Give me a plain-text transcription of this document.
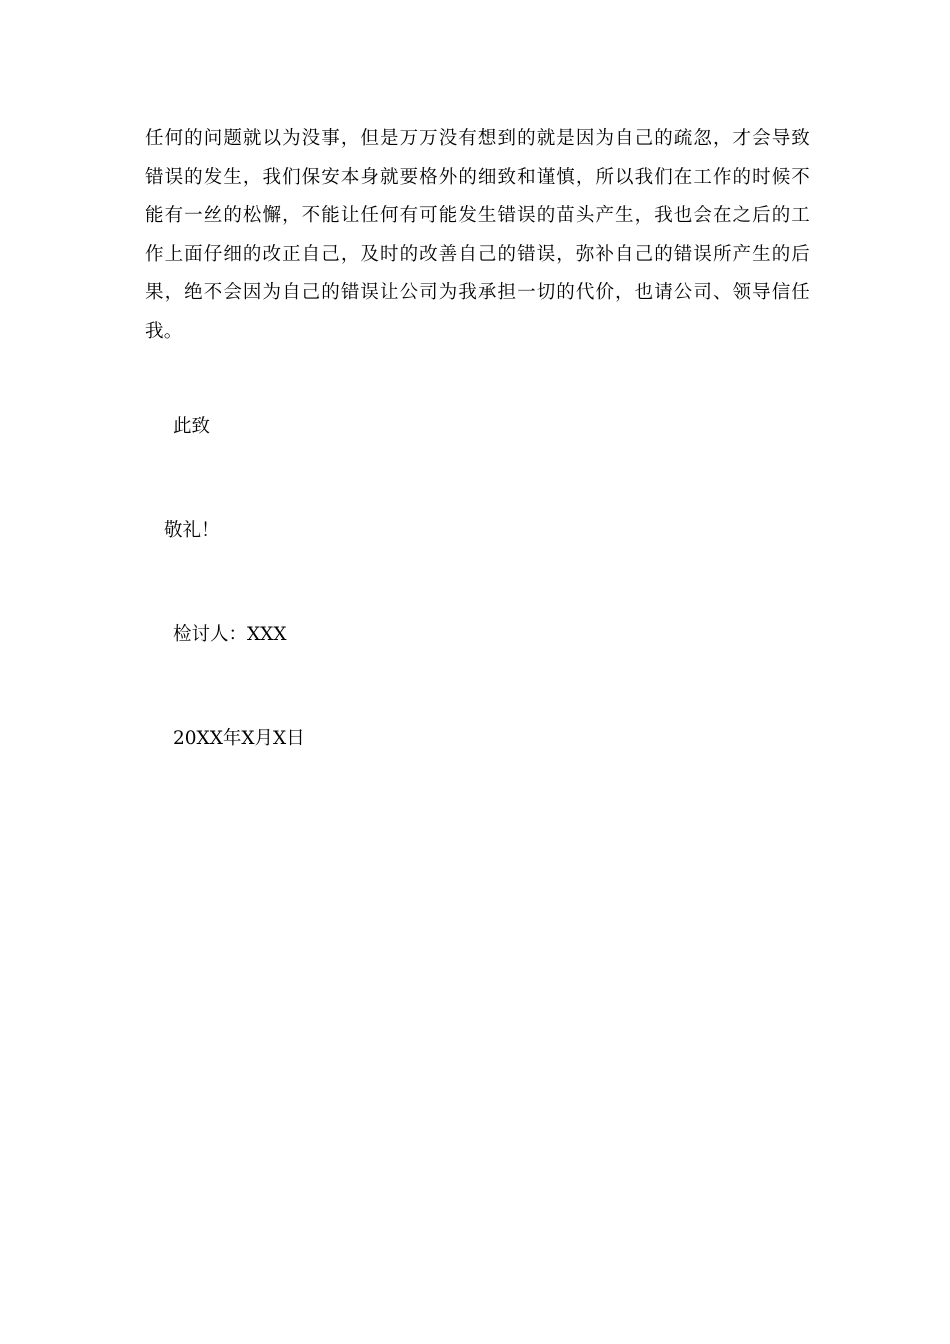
任何的问题就以为没事，但是万万没有想到的就是因为自己的疏忽，才会导致
错误的发生，我们保安本身就要格外的细致和谨慎，所以我们在工作的时候不
能有一丝的松懈，不能让任何有可能发生错误的苗头产生，我也会在之后的工
作上面仔细的改正自己，及时的改善自己的错误，弥补自己的错误所产生的后
果，绝不会因为自己的错误让公司为我承担一切的代价，也请公司、领导信任
我。

此致

敬礼！

检讨人：XXX

20XX年X月X日
